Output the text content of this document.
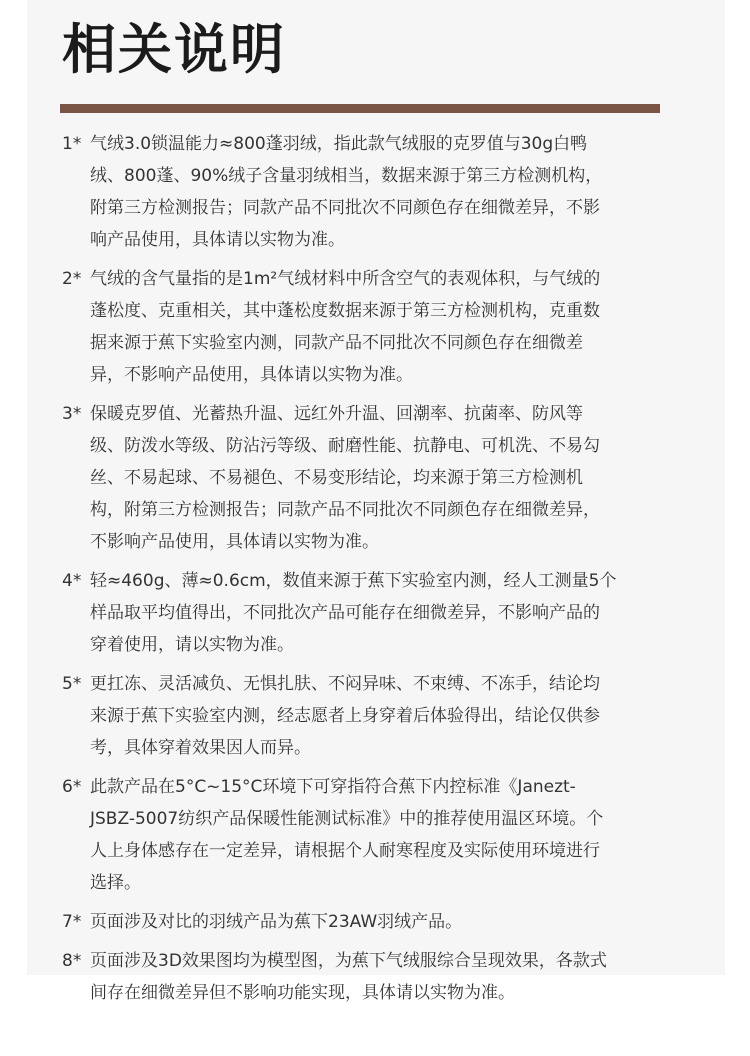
相关说明
1* 气绒3.0锁温能力≈800蓬羽绒，指此款气绒服的克罗值与30g白鸭
绒、800蓬、90%绒子含量羽绒相当，数据来源于第三方检测机构，
附第三方检测报告；同款产品不同批次不同颜色存在细微差异，不影
响产品使用，具体请以实物为准。

2* 气绒的含气量指的是1m²气绒材料中所含空气的表观体积，与气绒的
蓬松度、克重相关，其中蓬松度数据来源于第三方检测机构，克重数
据来源于蕉下实验室内测，同款产品不同批次不同颜色存在细微差
异，不影响产品使用，具体请以实物为准。

3* 保暖克罗值、光蓄热升温、远红外升温、回潮率、抗菌率、防风等
级、防泼水等级、防沾污等级、耐磨性能、抗静电、可机洗、不易勾
丝、不易起球、不易褪色、不易变形结论，均来源于第三方检测机
构，附第三方检测报告；同款产品不同批次不同颜色存在细微差异，
不影响产品使用，具体请以实物为准。

4* 轻≈460g、薄≈0.6cm，数值来源于蕉下实验室内测，经人工测量5个
样品取平均值得出，不同批次产品可能存在细微差异，不影响产品的
穿着使用，请以实物为准。

5* 更扛冻、灵活减负、无惧扎肤、不闷异味、不束缚、不冻手，结论均
来源于蕉下实验室内测，经志愿者上身穿着后体验得出，结论仅供参
考，具体穿着效果因人而异。

6* 此款产品在5°C~15°C环境下可穿指符合蕉下内控标准《Janezt-
JSBZ-5007纺织产品保暖性能测试标准》中的推荐使用温区环境。个
人上身体感存在一定差异，请根据个人耐寒程度及实际使用环境进行
选择。

7* 页面涉及对比的羽绒产品为蕉下23AW羽绒产品。

8* 页面涉及3D效果图均为模型图，为蕉下气绒服综合呈现效果，各款式
间存在细微差异但不影响功能实现，具体请以实物为准。
